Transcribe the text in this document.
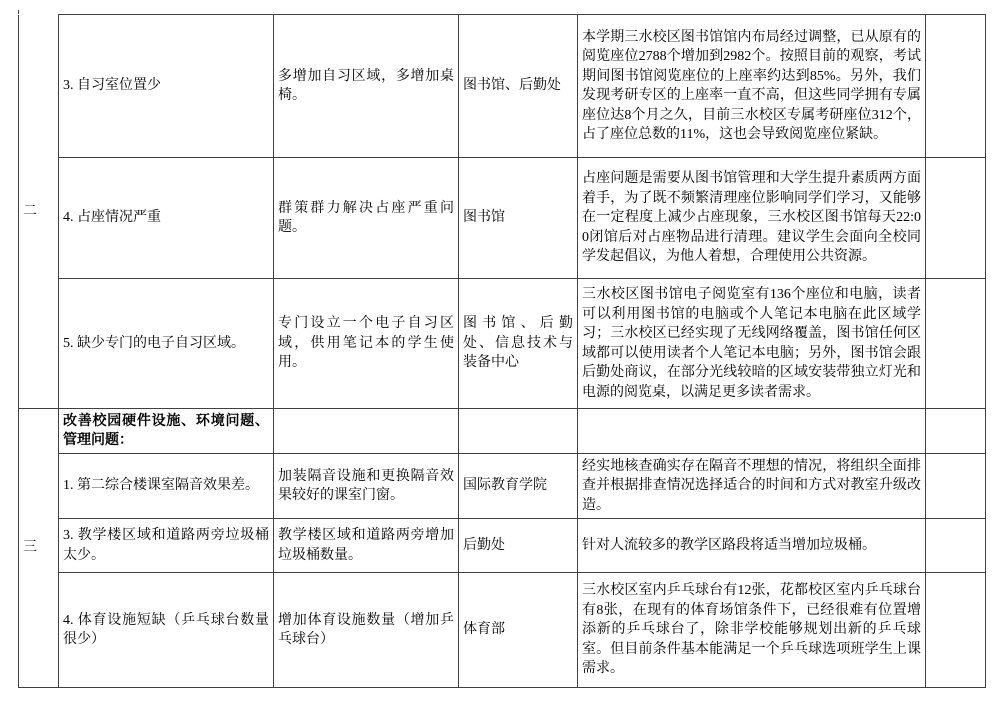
二	3. 自习室位置少	多增加自习区域，多增加桌椅。	图书馆、后勤处	本学期三水校区图书馆馆内布局经过调整，已从原有的阅览座位2788个增加到2982个。按照目前的观察，考试期间图书馆阅览座位的上座率约达到85%。另外，我们发现考研专区的上座率一直不高，但这些同学拥有专属座位达8个月之久，目前三水校区专属考研座位312个，占了座位总数的11%，这也会导致阅览座位紧缺。	
	4. 占座情况严重	群策群力解决占座严重问题。	图书馆	占座问题是需要从图书馆管理和大学生提升素质两方面着手，为了既不频繁清理座位影响同学们学习，又能够在一定程度上减少占座现象，三水校区图书馆每天22:00闭馆后对占座物品进行清理。建议学生会面向全校同学发起倡议，为他人着想，合理使用公共资源。	
	5. 缺少专门的电子自习区域。	专门设立一个电子自习区域，供用笔记本的学生使用。	图书馆、后勤处、信息技术与装备中心	三水校区图书馆电子阅览室有136个座位和电脑，读者可以利用图书馆的电脑或个人笔记本电脑在此区域学习；三水校区已经实现了无线网络覆盖，图书馆任何区域都可以使用读者个人笔记本电脑；另外，图书馆会跟后勤处商议，在部分光线较暗的区域安装带独立灯光和电源的阅览桌，以满足更多读者需求。	
三	改善校园硬件设施、环境问题、管理问题：				
	1. 第二综合楼课室隔音效果差。	加装隔音设施和更换隔音效果较好的课室门窗。	国际教育学院	经实地核查确实存在隔音不理想的情况，将组织全面排查并根据排查情况选择适合的时间和方式对教室升级改造。	
	3. 教学楼区域和道路两旁垃圾桶太少。	教学楼区域和道路两旁增加垃圾桶数量。	后勤处	针对人流较多的教学区路段将适当增加垃圾桶。	
	4. 体育设施短缺（乒乓球台数量很少）	增加体育设施数量（增加乒乓球台）	体育部	三水校区室内乒乓球台有12张，花都校区室内乒乓球台有8张，在现有的体育场馆条件下，已经很难有位置增添新的乒乓球台了，除非学校能够规划出新的乒乓球室。但目前条件基本能满足一个乒乓球选项班学生上课需求。	
